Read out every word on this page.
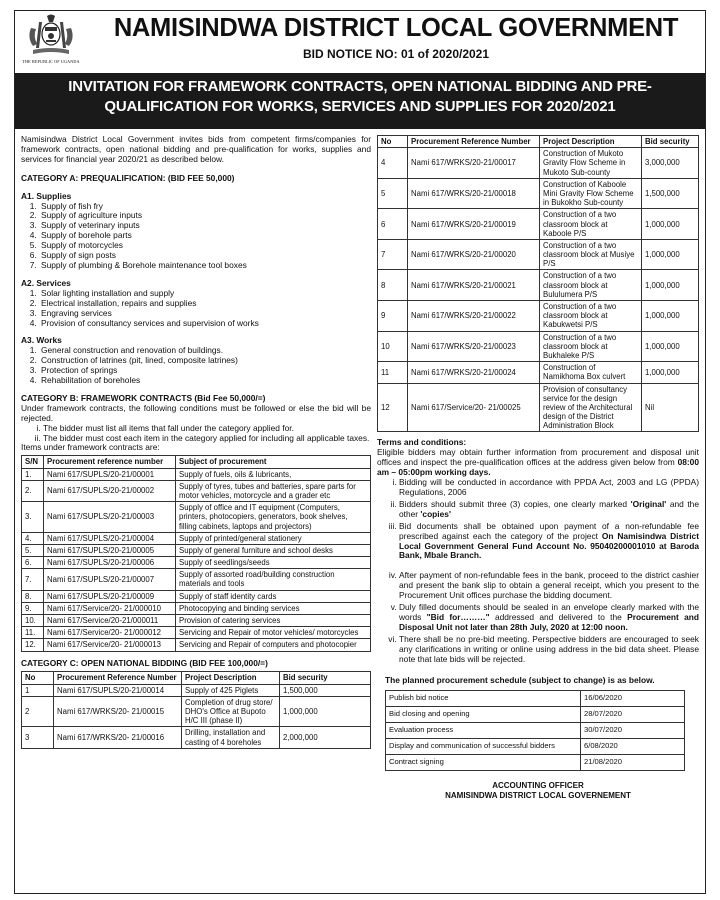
THE REPUBLIC OF UGANDA
NAMISINDWA DISTRICT LOCAL GOVERNMENT
BID NOTICE NO: 01 of 2020/2021
INVITATION FOR FRAMEWORK CONTRACTS, OPEN NATIONAL BIDDING AND PRE-
QUALIFICATION FOR WORKS, SERVICES AND SUPPLIES FOR 2020/2021

Namisindwa District Local Government invites bids from competent firms/companies for framework contracts, open national bidding and pre-qualification for works, supplies and services for financial year 2020/21 as described below.

CATEGORY A: PREQUALIFICATION: (BID FEE 50,000)
A1. Supplies
1. Supply of fish fry
2. Supply of agriculture inputs
3. Supply of veterinary inputs
4. Supply of borehole parts
5. Supply of motorcycles
6. Supply of sign posts
7. Supply of plumbing & Borehole maintenance tool boxes
A2. Services
1. Solar lighting installation and supply
2. Electrical installation, repairs and supplies
3. Engraving services
4. Provision of consultancy services and supervision of works
A3. Works
1. General construction and renovation of buildings.
2. Construction of latrines (pit, lined, composite latrines)
3. Protection of springs
4. Rehabilitation of boreholes
CATEGORY B: FRAMEWORK CONTRACTS (Bid Fee 50,000/=)

Under framework contracts, the following conditions must be followed or else the bid will be rejected.

i. The bidder must list all items that fall under the category applied for.
ii. The bidder must cost each item in the category applied for including all applicable taxes.

Items under framework contracts are:

S/N	Procurement reference number	Subject of procurement
1.	Nami 617/SUPLS/20-21/00001	Supply of fuels, oils & lubricants,
2.	Nami 617/SUPLS/20-21/00002	Supply of tyres, tubes and batteries, spare parts for motor vehicles, motorcycle and a grader etc
3.	Nami 617/SUPLS/20-21/00003	Supply of office and IT equipment (Computers, printers, photocopiers, generators, book shelves, filling cabinets, laptops and projectors)
4.	Nami 617/SUPLS/20-21/00004	Supply of printed/general stationery
5.	Nami 617/SUPLS/20-21/00005	Supply of general furniture and school desks
6.	Nami 617/SUPLS/20-21/00006	Supply of seedlings/seeds
7.	Nami 617/SUPLS/20-21/00007	Supply of assorted road/building construction materials and tools
8.	Nami 617/SUPLS/20-21/00009	Supply of staff identity cards
9.	Nami 617/Service/20- 21/000010	Photocopying and binding services
10.	Nami 617/Service/20-21/000011	Provision of catering services
11.	Nami 617/Service/20- 21/000012	Servicing and Repair of motor vehicles/ motorcycles
12.	Nami 617/Service/20- 21/000013	Servicing and Repair of computers and photocopier
CATEGORY C: OPEN NATIONAL BIDDING (BID FEE 100,000/=)
No	Procurement Reference Number	Project Description	Bid security
1	Nami 617/SUPLS/20-21/00014	Supply of 425 Piglets	1,500,000
2	Nami 617/WRKS/20- 21/00015	Completion of drug store/ DHO's Office at Bupoto H/C III (phase II)	1,000,000
3	Nami 617/WRKS/20- 21/00016	Drilling, installation and casting of 4 boreholes	2,000,000
No	Procurement Reference Number	Project Description	Bid security
4	Nami 617/WRKS/20-21/00017	Construction of Mukoto Gravity Flow Scheme in Mukoto Sub-county	3,000,000
5	Nami 617/WRKS/20-21/00018	Construction of Kaboole Mini Gravity Flow Scheme in Bukokho Sub-county	1,500,000
6	Nami 617/WRKS/20-21/00019	Construction of a two classroom block at Kaboole P/S	1,000,000
7	Nami 617/WRKS/20-21/00020	Construction of a two classroom block at Musiye P/S	1,000,000
8	Nami 617/WRKS/20-21/00021	Construction of a two classroom block at Bululumera P/S	1,000,000
9	Nami 617/WRKS/20-21/00022	Construction of a two classroom block at Kabukwetsi P/S	1,000,000
10	Nami 617/WRKS/20-21/00023	Construction of a two classroom block at Bukhaleke P/S	1,000,000
11	Nami 617/WRKS/20-21/00024	Construction of Namikhoma Box culvert	1,000,000
12	Nami 617/Service/20- 21/00025	Provision of consultancy service for the design review of the Architectural design of the District Administration Block	Nil
Terms and conditions:

Eligible bidders may obtain further information from procurement and disposal unit offices and inspect the pre-qualification offices at the address given below from 08:00 am – 05:00pm working days.

i. Bidding will be conducted in accordance with PPDA Act, 2003 and LG (PPDA) Regulations, 2006
ii. Bidders should submit three (3) copies, one clearly marked 'Original' and the other 'copies'
iii. Bid documents shall be obtained upon payment of a non-refundable fee prescribed against each the category of the project On Namisindwa District Local Government General Fund Account No. 95040200001010 at Baroda Bank, Mbale Branch.
iv. After payment of non-refundable fees in the bank, proceed to the district cashier and present the bank slip to obtain a general receipt, which you present to the Procurement Unit offices purchase the bidding document.
v. Duly filled documents should be sealed in an envelope clearly marked with the words "Bid for………" addressed and delivered to the Procurement and Disposal Unit not later than 28th July, 2020 at 12:00 noon.
vi. There shall be no pre-bid meeting. Perspective bidders are encouraged to seek any clarifications in writing or online using address in the bid data sheet. Please note that late bids will be rejected.
The planned procurement schedule (subject to change) is as below.
Publish bid notice	16/06/2020
Bid closing and opening	28/07/2020
Evaluation process	30/07/2020
Display and communication of successful bidders	6/08/2020
Contract signing	21/08/2020
ACCOUNTING OFFICER
NAMISINDWA DISTRICT LOCAL GOVERNEMENT
